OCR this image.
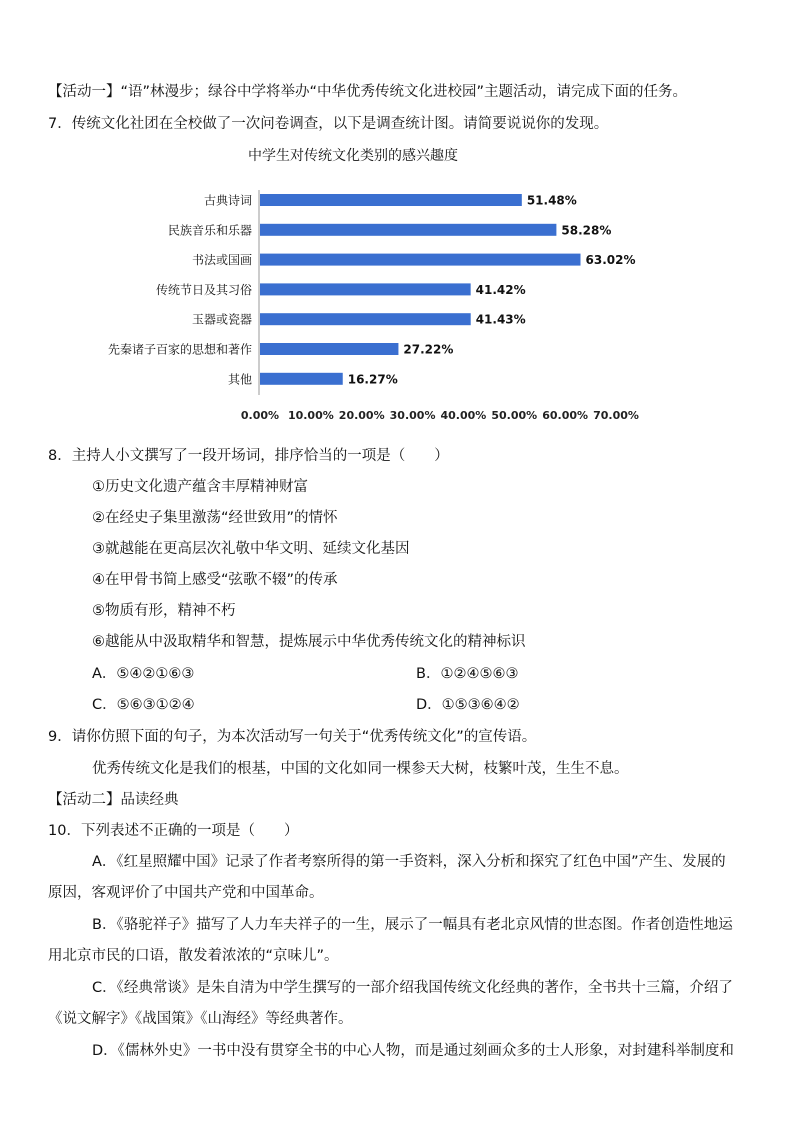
【活动一】“语”林漫步；绿谷中学将举办“中华优秀传统文化进校园”主题活动，请完成下面的任务。
7．传统文化社团在全校做了一次问卷调查，以下是调查统计图。请简要说说你的发现。
中学生对传统文化类别的感兴趣度
古典诗词	51.48%
民族音乐和乐器	58.28%
书法或国画	63.02%
传统节日及其习俗	41.42%
玉器或瓷器	41.43%
先秦诸子百家的思想和著作	27.22%
其他	16.27%
0.00% 10.00% 20.00% 30.00% 40.00% 50.00% 60.00% 70.00%
8．主持人小文撰写了一段开场词，排序恰当的一项是（　　）
①历史文化遗产蕴含丰厚精神财富
②在经史子集里激荡“经世致用”的情怀
③就越能在更高层次礼敬中华文明、延续文化基因
④在甲骨书简上感受“弦歌不辍”的传承
⑤物质有形，精神不朽
⑥越能从中汲取精华和智慧，提炼展示中华优秀传统文化的精神标识
A．⑤④②①⑥③	B．①②④⑤⑥③
C．⑤⑥③①②④	D．①⑤③⑥④②
9．请你仿照下面的句子，为本次活动写一句关于“优秀传统文化”的宣传语。
优秀传统文化是我们的根基，中国的文化如同一棵参天大树，枝繁叶茂，生生不息。
【活动二】品读经典
10．下列表述不正确的一项是（　　）
A．《红星照耀中国》记录了作者考察所得的第一手资料，深入分析和探究了红色中国”产生、发展的
原因，客观评价了中国共产党和中国革命。
B．《骆驼祥子》描写了人力车夫祥子的一生，展示了一幅具有老北京风情的世态图。作者创造性地运
用北京市民的口语，散发着浓浓的“京味儿”。
C．《经典常谈》是朱自清为中学生撰写的一部介绍我国传统文化经典的著作，全书共十三篇，介绍了
《说文解字》《战国策》《山海经》等经典著作。
D．《儒林外史》一书中没有贯穿全书的中心人物，而是通过刻画众多的士人形象，对封建科举制度和
